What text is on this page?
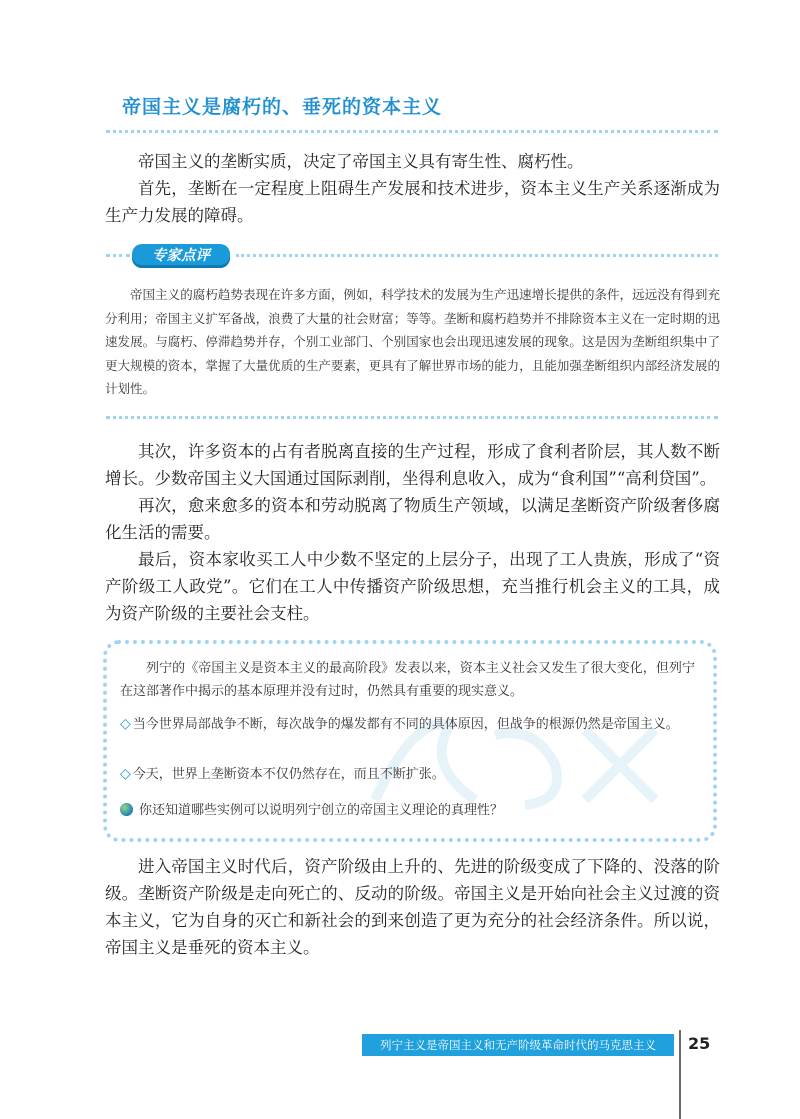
帝国主义是腐朽的、垂死的资本主义

帝国主义的垄断实质，决定了帝国主义具有寄生性、腐朽性。

首先，垄断在一定程度上阻碍生产发展和技术进步，资本主义生产关系逐渐成为生产力发展的障碍。

专家点评

帝国主义的腐朽趋势表现在许多方面，例如，科学技术的发展为生产迅速增长提供的条件，远远没有得到充分利用；帝国主义扩军备战，浪费了大量的社会财富；等等。垄断和腐朽趋势并不排除资本主义在一定时期的迅速发展。与腐朽、停滞趋势并存，个别工业部门、个别国家也会出现迅速发展的现象。这是因为垄断组织集中了更大规模的资本，掌握了大量优质的生产要素，更具有了解世界市场的能力，且能加强垄断组织内部经济发展的计划性。

其次，许多资本的占有者脱离直接的生产过程，形成了食利者阶层，其人数不断增长。少数帝国主义大国通过国际剥削，坐得利息收入，成为“食利国”“高利贷国”。

再次，愈来愈多的资本和劳动脱离了物质生产领域，以满足垄断资产阶级奢侈腐化生活的需要。

最后，资本家收买工人中少数不坚定的上层分子，出现了工人贵族，形成了“资产阶级工人政党”。它们在工人中传播资产阶级思想，充当推行机会主义的工具，成为资产阶级的主要社会支柱。

列宁的《帝国主义是资本主义的最高阶段》发表以来，资本主义社会又发生了很大变化，但列宁在这部著作中揭示的基本原理并没有过时，仍然具有重要的现实意义。

◇ 当今世界局部战争不断，每次战争的爆发都有不同的具体原因，但战争的根源仍然是帝国主义。

◇ 今天，世界上垄断资本不仅仍然存在，而且不断扩张。

你还知道哪些实例可以说明列宁创立的帝国主义理论的真理性？

进入帝国主义时代后，资产阶级由上升的、先进的阶级变成了下降的、没落的阶级。垄断资产阶级是走向死亡的、反动的阶级。帝国主义是开始向社会主义过渡的资本主义，它为自身的灭亡和新社会的到来创造了更为充分的社会经济条件。所以说，帝国主义是垂死的资本主义。

列宁主义是帝国主义和无产阶级革命时代的马克思主义	25
